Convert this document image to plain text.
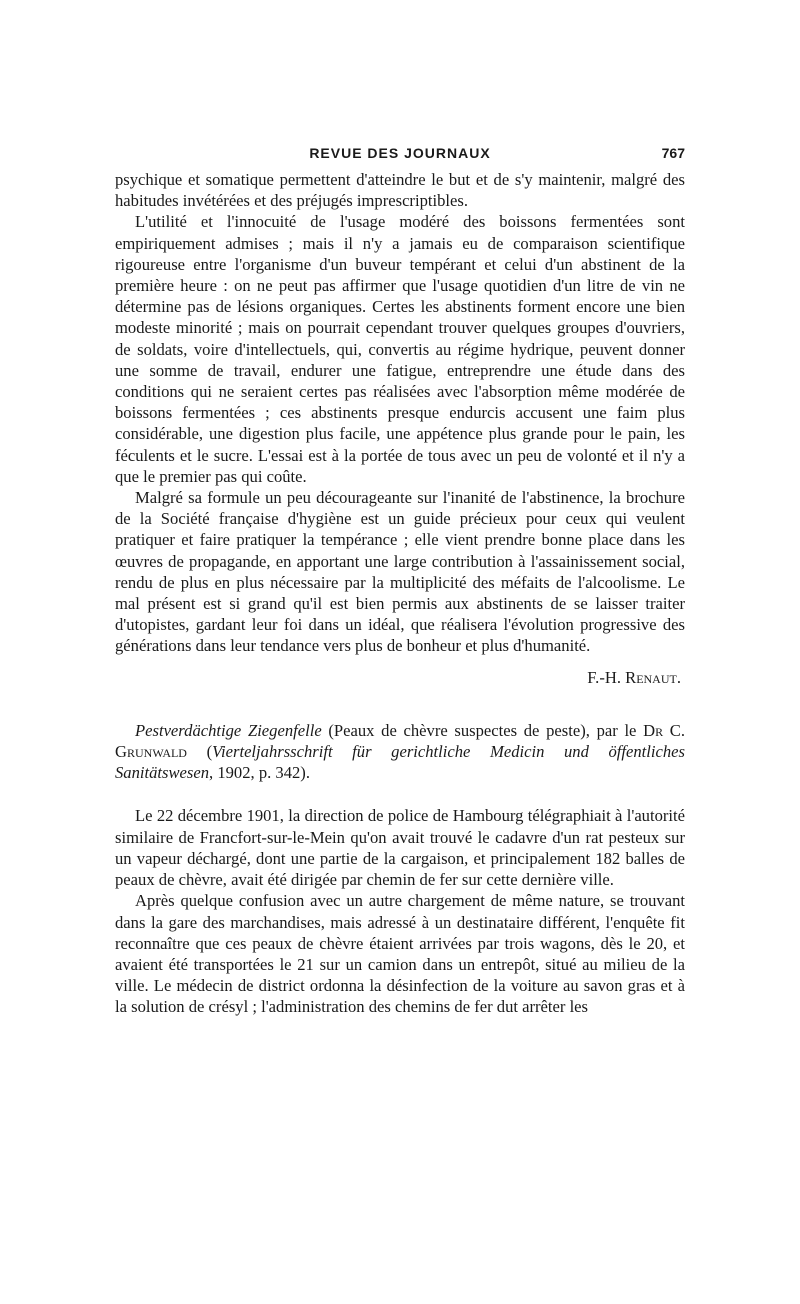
REVUE DES JOURNAUX	767

psychique et somatique permettent d'atteindre le but et de s'y maintenir, malgré des habitudes invétérées et des préjugés imprescriptibles.

L'utilité et l'innocuité de l'usage modéré des boissons fermentées sont empiriquement admises ; mais il n'y a jamais eu de comparaison scientifique rigoureuse entre l'organisme d'un buveur tempérant et celui d'un abstinent de la première heure : on ne peut pas affirmer que l'usage quotidien d'un litre de vin ne détermine pas de lésions organiques. Certes les abstinents forment encore une bien modeste minorité ; mais on pourrait cependant trouver quelques groupes d'ouvriers, de soldats, voire d'intellectuels, qui, convertis au régime hydrique, peuvent donner une somme de travail, endurer une fatigue, entreprendre une étude dans des conditions qui ne seraient certes pas réalisées avec l'absorption même modérée de boissons fermentées ; ces abstinents presque endurcis accusent une faim plus considérable, une digestion plus facile, une appétence plus grande pour le pain, les féculents et le sucre. L'essai est à la portée de tous avec un peu de volonté et il n'y a que le premier pas qui coûte.

Malgré sa formule un peu décourageante sur l'inanité de l'abstinence, la brochure de la Société française d'hygiène est un guide précieux pour ceux qui veulent pratiquer et faire pratiquer la tempérance ; elle vient prendre bonne place dans les œuvres de propagande, en apportant une large contribution à l'assainissement social, rendu de plus en plus nécessaire par la multiplicité des méfaits de l'alcoolisme. Le mal présent est si grand qu'il est bien permis aux abstinents de se laisser traiter d'utopistes, gardant leur foi dans un idéal, que réalisera l'évolution progressive des générations dans leur tendance vers plus de bonheur et plus d'humanité.

F.-H. Renaut.

Pestverdächtige Ziegenfelle (Peaux de chèvre suspectes de peste), par le Dr C. Grunwald (Vierteljahrsschrift für gerichtliche Medicin und öffentliches Sanitätswesen, 1902, p. 342).

Le 22 décembre 1901, la direction de police de Hambourg télégraphiait à l'autorité similaire de Francfort-sur-le-Mein qu'on avait trouvé le cadavre d'un rat pesteux sur un vapeur déchargé, dont une partie de la cargaison, et principalement 182 balles de peaux de chèvre, avait été dirigée par chemin de fer sur cette dernière ville.

Après quelque confusion avec un autre chargement de même nature, se trouvant dans la gare des marchandises, mais adressé à un destinataire différent, l'enquête fit reconnaître que ces peaux de chèvre étaient arrivées par trois wagons, dès le 20, et avaient été transportées le 21 sur un camion dans un entrepôt, situé au milieu de la ville. Le médecin de district ordonna la désinfection de la voiture au savon gras et à la solution de crésyl ; l'administration des chemins de fer dut arrêter les
